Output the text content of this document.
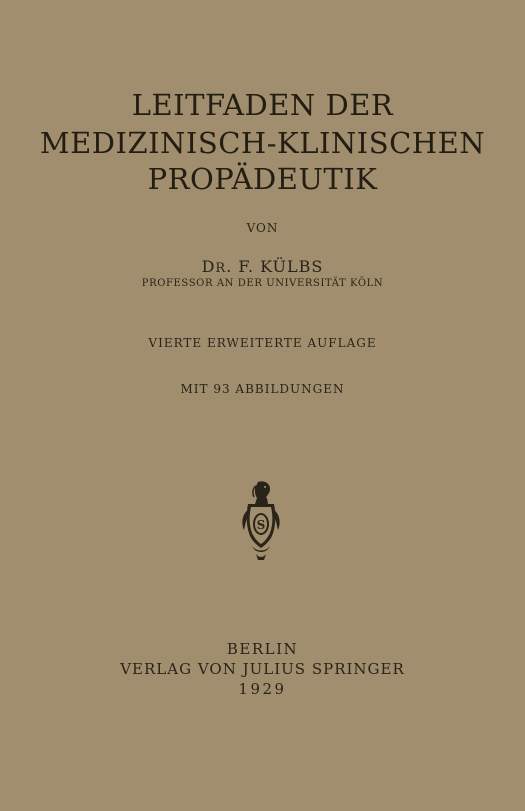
LEITFADEN DER
MEDIZINISCH-KLINISCHEN
PROPÄDEUTIK
VON
DR. F. KÜLBS
PROFESSOR AN DER UNIVERSITÄT KÖLN
VIERTE ERWEITERTE AUFLAGE
MIT 93 ABBILDUNGEN
S
BERLIN
VERLAG VON JULIUS SPRINGER
1929
